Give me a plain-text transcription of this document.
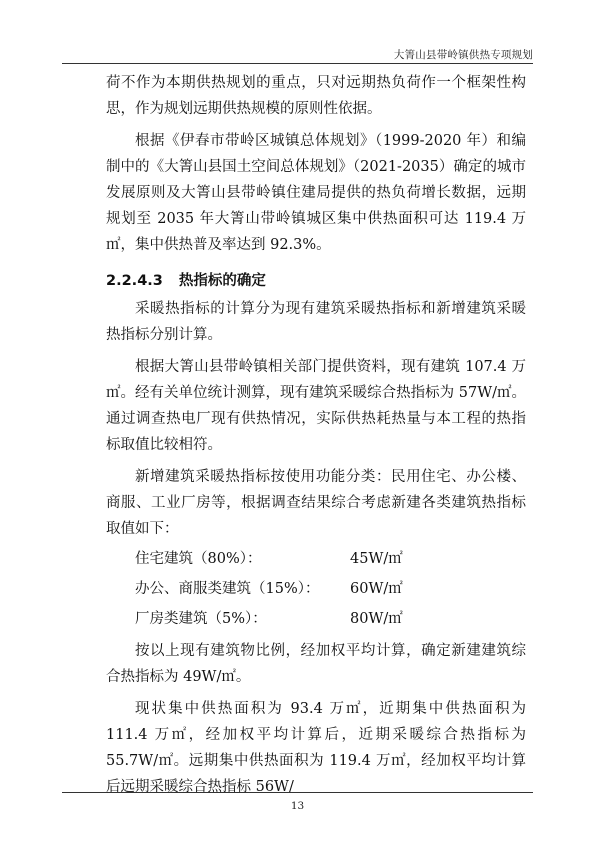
大箐山县带岭镇供热专项规划

荷不作为本期供热规划的重点，只对远期热负荷作一个框架性构思，作为规划远期供热规模的原则性依据。

根据《伊春市带岭区城镇总体规划》（1999-2020 年）和编制中的《大箐山县国土空间总体规划》（2021-2035）确定的城市发展原则及大箐山县带岭镇住建局提供的热负荷增长数据，远期规划至 2035 年大箐山带岭镇城区集中供热面积可达 119.4 万㎡，集中供热普及率达到 92.3%。

2.2.4.3 热指标的确定

采暖热指标的计算分为现有建筑采暖热指标和新增建筑采暖热指标分别计算。

根据大箐山县带岭镇相关部门提供资料，现有建筑 107.4 万㎡。经有关单位统计测算，现有建筑采暖综合热指标为 57W/㎡。通过调查热电厂现有供热情况，实际供热耗热量与本工程的热指标取值比较相符。

新增建筑采暖热指标按使用功能分类：民用住宅、办公楼、商服、工业厂房等，根据调查结果综合考虑新建各类建筑热指标取值如下：

住宅建筑（80%）：	45W/㎡
办公、商服类建筑（15%）：	60W/㎡
厂房类建筑（5%）：	80W/㎡

按以上现有建筑物比例，经加权平均计算，确定新建建筑综合热指标为 49W/㎡。

现状集中供热面积为 93.4 万㎡，近期集中供热面积为 111.4 万㎡，经加权平均计算后，近期采暖综合热指标为 55.7W/㎡。远期集中供热面积为 119.4 万㎡，经加权平均计算后远期采暖综合热指标 56W/

13
